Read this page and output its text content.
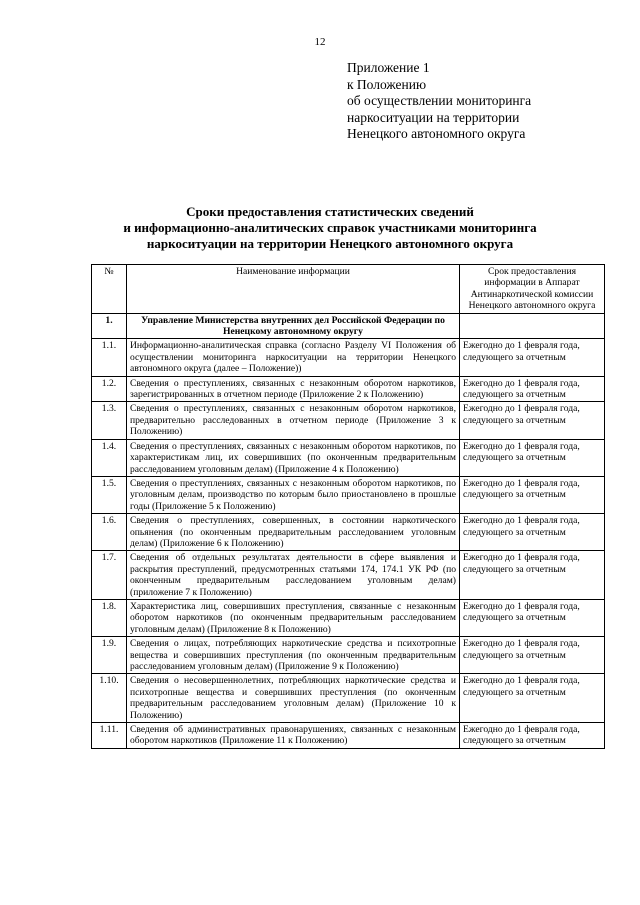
12
Приложение 1
к Положению
об осуществлении мониторинга
наркоситуации на территории
Ненецкого автономного округа
Сроки предоставления статистических сведений
и информационно-аналитических справок участниками мониторинга
наркоситуации на территории Ненецкого автономного округа
№	Наименование информации	Срок предоставления информации в Аппарат Антинаркотической комиссии Ненецкого автономного округа
1.	Управление Министерства внутренних дел Российской Федерации по Ненецкому автономному округу	
1.1.	Информационно-аналитическая справка (согласно Разделу VI Положения об осуществлении мониторинга наркоситуации на территории Ненецкого автономного округа (далее – Положение))	Ежегодно до 1 февраля года, следующего за отчетным
1.2.	Сведения о преступлениях, связанных с незаконным оборотом наркотиков, зарегистрированных в отчетном периоде (Приложение 2 к Положению)	Ежегодно до 1 февраля года, следующего за отчетным
1.3.	Сведения о преступлениях, связанных с незаконным оборотом наркотиков, предварительно расследованных в отчетном периоде (Приложение 3 к Положению)	Ежегодно до 1 февраля года, следующего за отчетным
1.4.	Сведения о преступлениях, связанных с незаконным оборотом наркотиков, по характеристикам лиц, их совершивших (по оконченным предварительным расследованием уголовным делам) (Приложение 4 к Положению)	Ежегодно до 1 февраля года, следующего за отчетным
1.5.	Сведения о преступлениях, связанных с незаконным оборотом наркотиков, по уголовным делам, производство по которым было приостановлено в прошлые годы (Приложение 5 к Положению)	Ежегодно до 1 февраля года, следующего за отчетным
1.6.	Сведения о преступлениях, совершенных, в состоянии наркотического опьянения (по оконченным предварительным расследованием уголовным делам) (Приложение 6 к Положению)	Ежегодно до 1 февраля года, следующего за отчетным
1.7.	Сведения об отдельных результатах деятельности в сфере выявления и раскрытия преступлений, предусмотренных статьями 174, 174.1 УК РФ (по оконченным предварительным расследованием уголовным делам) (приложение 7 к Положению)	Ежегодно до 1 февраля года, следующего за отчетным
1.8.	Характеристика лиц, совершивших преступления, связанные с незаконным оборотом наркотиков (по оконченным предварительным расследованием уголовным делам) (Приложение 8 к Положению)	Ежегодно до 1 февраля года, следующего за отчетным
1.9.	Сведения о лицах, потребляющих наркотические средства и психотропные вещества и совершивших преступления (по оконченным предварительным расследованием уголовным делам) (Приложение 9 к Положению)	Ежегодно до 1 февраля года, следующего за отчетным
1.10.	Сведения о несовершеннолетних, потребляющих наркотические средства и психотропные вещества и совершивших преступления (по оконченным предварительным расследованием уголовным делам) (Приложение 10 к Положению)	Ежегодно до 1 февраля года, следующего за отчетным
1.11.	Сведения об административных правонарушениях, связанных с незаконным оборотом наркотиков (Приложение 11 к Положению)	Ежегодно до 1 февраля года, следующего за отчетным
